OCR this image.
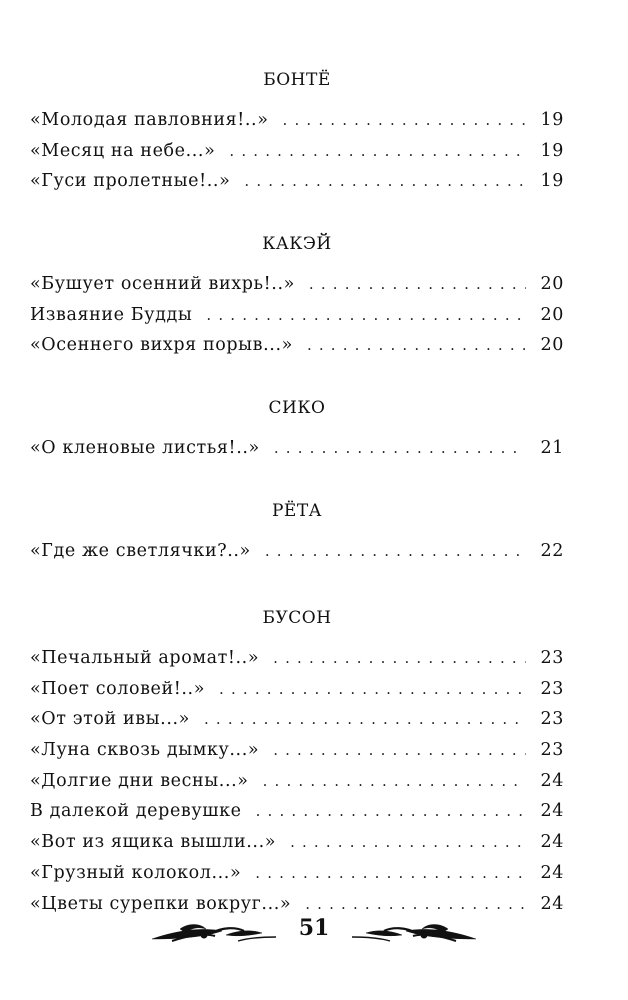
БОНТЁ
«Молодая павловния!..» . . .	19
«Месяц на небе...» . . .	19
«Гуси пролетные!..» . . .	19
КАКЭЙ
«Бушует осенний вихрь!..» . . .	20
Изваяние Будды . . .	20
«Осеннего вихря порыв...» . . .	20
СИКО
«О кленовые листья!..» . . .	21
РЁТА
«Где же светлячки?..» . . .	22
БУСОН
«Печальный аромат!..» . . .	23
«Поет соловей!..» . . .	23
«От этой ивы...» . . .	23
«Луна сквозь дымку...» . . .	23
«Долгие дни весны...» . . .	24
В далекой деревушке . . .	24
«Вот из ящика вышли...» . . .	24
«Грузный колокол...» . . .	24
«Цветы сурепки вокруг...» . . .	24
51
